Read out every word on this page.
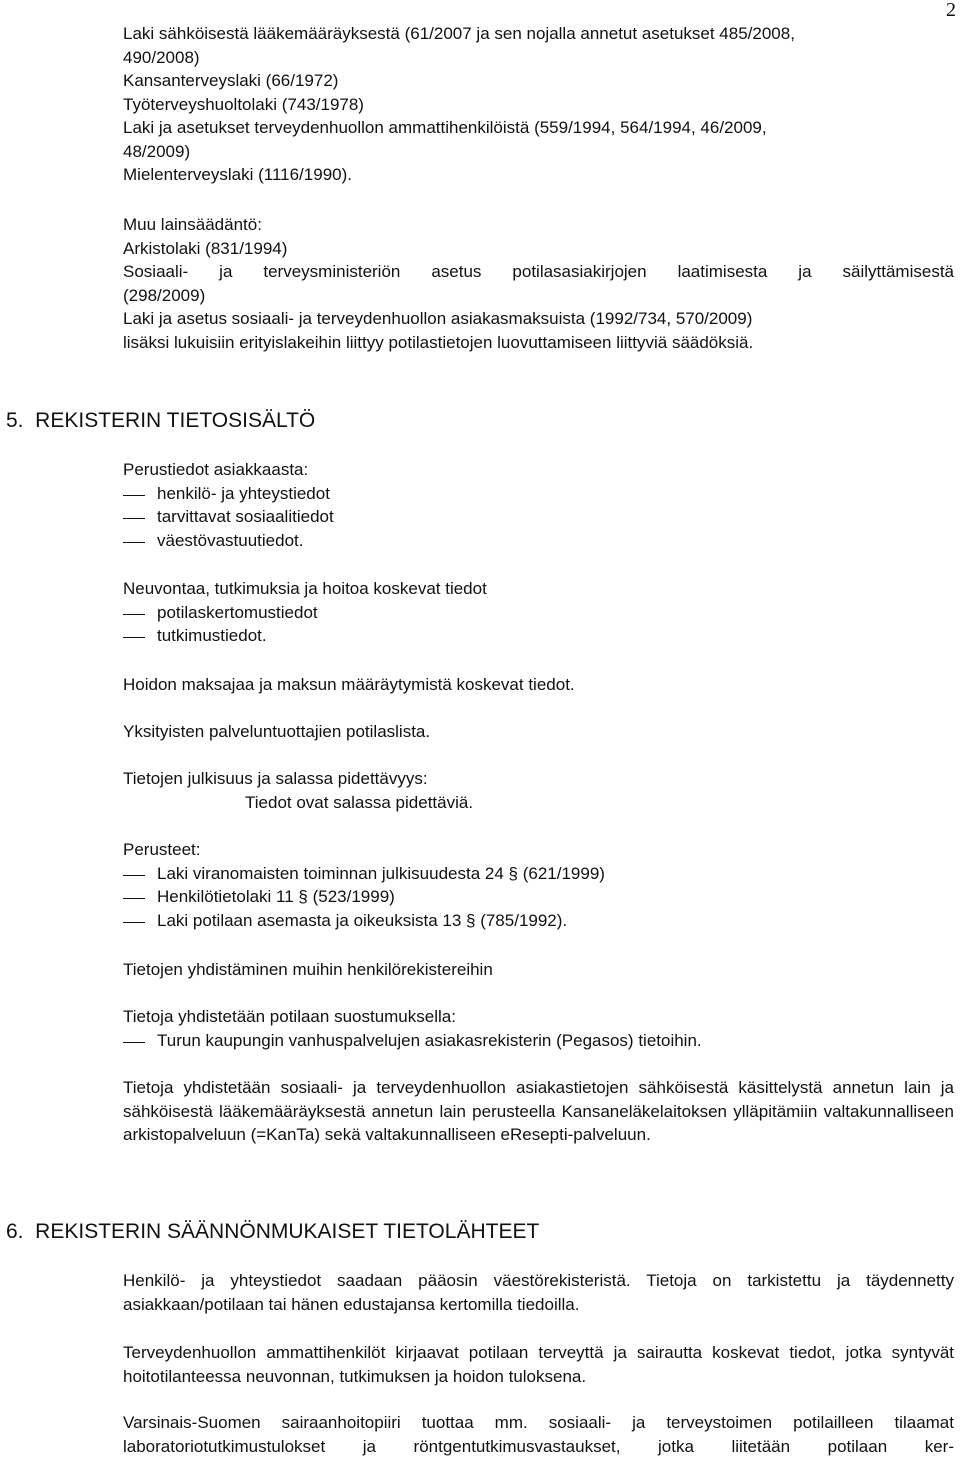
2

Laki sähköisestä lääkemääräyksestä (61/2007 ja sen nojalla annetut asetukset 485/2008,

490/2008)

Kansanterveyslaki (66/1972)

Työterveyshuoltolaki (743/1978)

Laki ja asetukset terveydenhuollon ammattihenkilöistä (559/1994, 564/1994, 46/2009,

48/2009)

Mielenterveyslaki (1116/1990).

Muu lainsäädäntö:

Arkistolaki (831/1994)

Sosiaali- ja terveysministeriön asetus potilasasiakirjojen laatimisesta ja säilyttämisestä

(298/2009)

Laki ja asetus sosiaali- ja terveydenhuollon asiakasmaksuista (1992/734, 570/2009)

lisäksi lukuisiin erityislakeihin liittyy potilastietojen luovuttamiseen liittyviä säädöksiä.

5.  REKISTERIN TIETOSISÄLTÖ

Perustiedot asiakkaasta:

henkilö- ja yhteystiedot

tarvittavat sosiaalitiedot

väestövastuutiedot.

Neuvontaa, tutkimuksia ja hoitoa koskevat tiedot

potilaskertomustiedot

tutkimustiedot.

Hoidon maksajaa ja maksun määräytymistä koskevat tiedot.

Yksityisten palveluntuottajien potilaslista.

Tietojen julkisuus ja salassa pidettävyys:

Tiedot ovat salassa pidettäviä.

Perusteet:

Laki viranomaisten toiminnan julkisuudesta 24 § (621/1999)

Henkilötietolaki 11 § (523/1999)

Laki potilaan asemasta ja oikeuksista 13 § (785/1992).

Tietojen yhdistäminen muihin henkilörekistereihin

Tietoja yhdistetään potilaan suostumuksella:

Turun kaupungin vanhuspalvelujen asiakasrekisterin (Pegasos) tietoihin.

Tietoja yhdistetään sosiaali- ja terveydenhuollon asiakastietojen sähköisestä käsittelystä annetun lain ja sähköisestä lääkemääräyksestä annetun lain perusteella Kansaneläkelaitoksen ylläpitämiin valtakunnalliseen arkistopalveluun (=KanTa) sekä valtakunnalliseen eResepti-palveluun.

6.  REKISTERIN SÄÄNNÖNMUKAISET TIETOLÄHTEET

Henkilö- ja yhteystiedot saadaan pääosin väestörekisteristä. Tietoja on tarkistettu ja täydennetty asiakkaan/potilaan tai hänen edustajansa kertomilla tiedoilla.

Terveydenhuollon ammattihenkilöt kirjaavat potilaan terveyttä ja sairautta koskevat tiedot, jotka syntyvät hoitotilanteessa neuvonnan, tutkimuksen ja hoidon tuloksena.

Varsinais-Suomen sairaanhoitopiiri tuottaa mm. sosiaali- ja terveystoimen potilailleen tilaamat laboratoriotutkimustulokset ja röntgentutkimusvastaukset, jotka liitetään potilaan ker-
